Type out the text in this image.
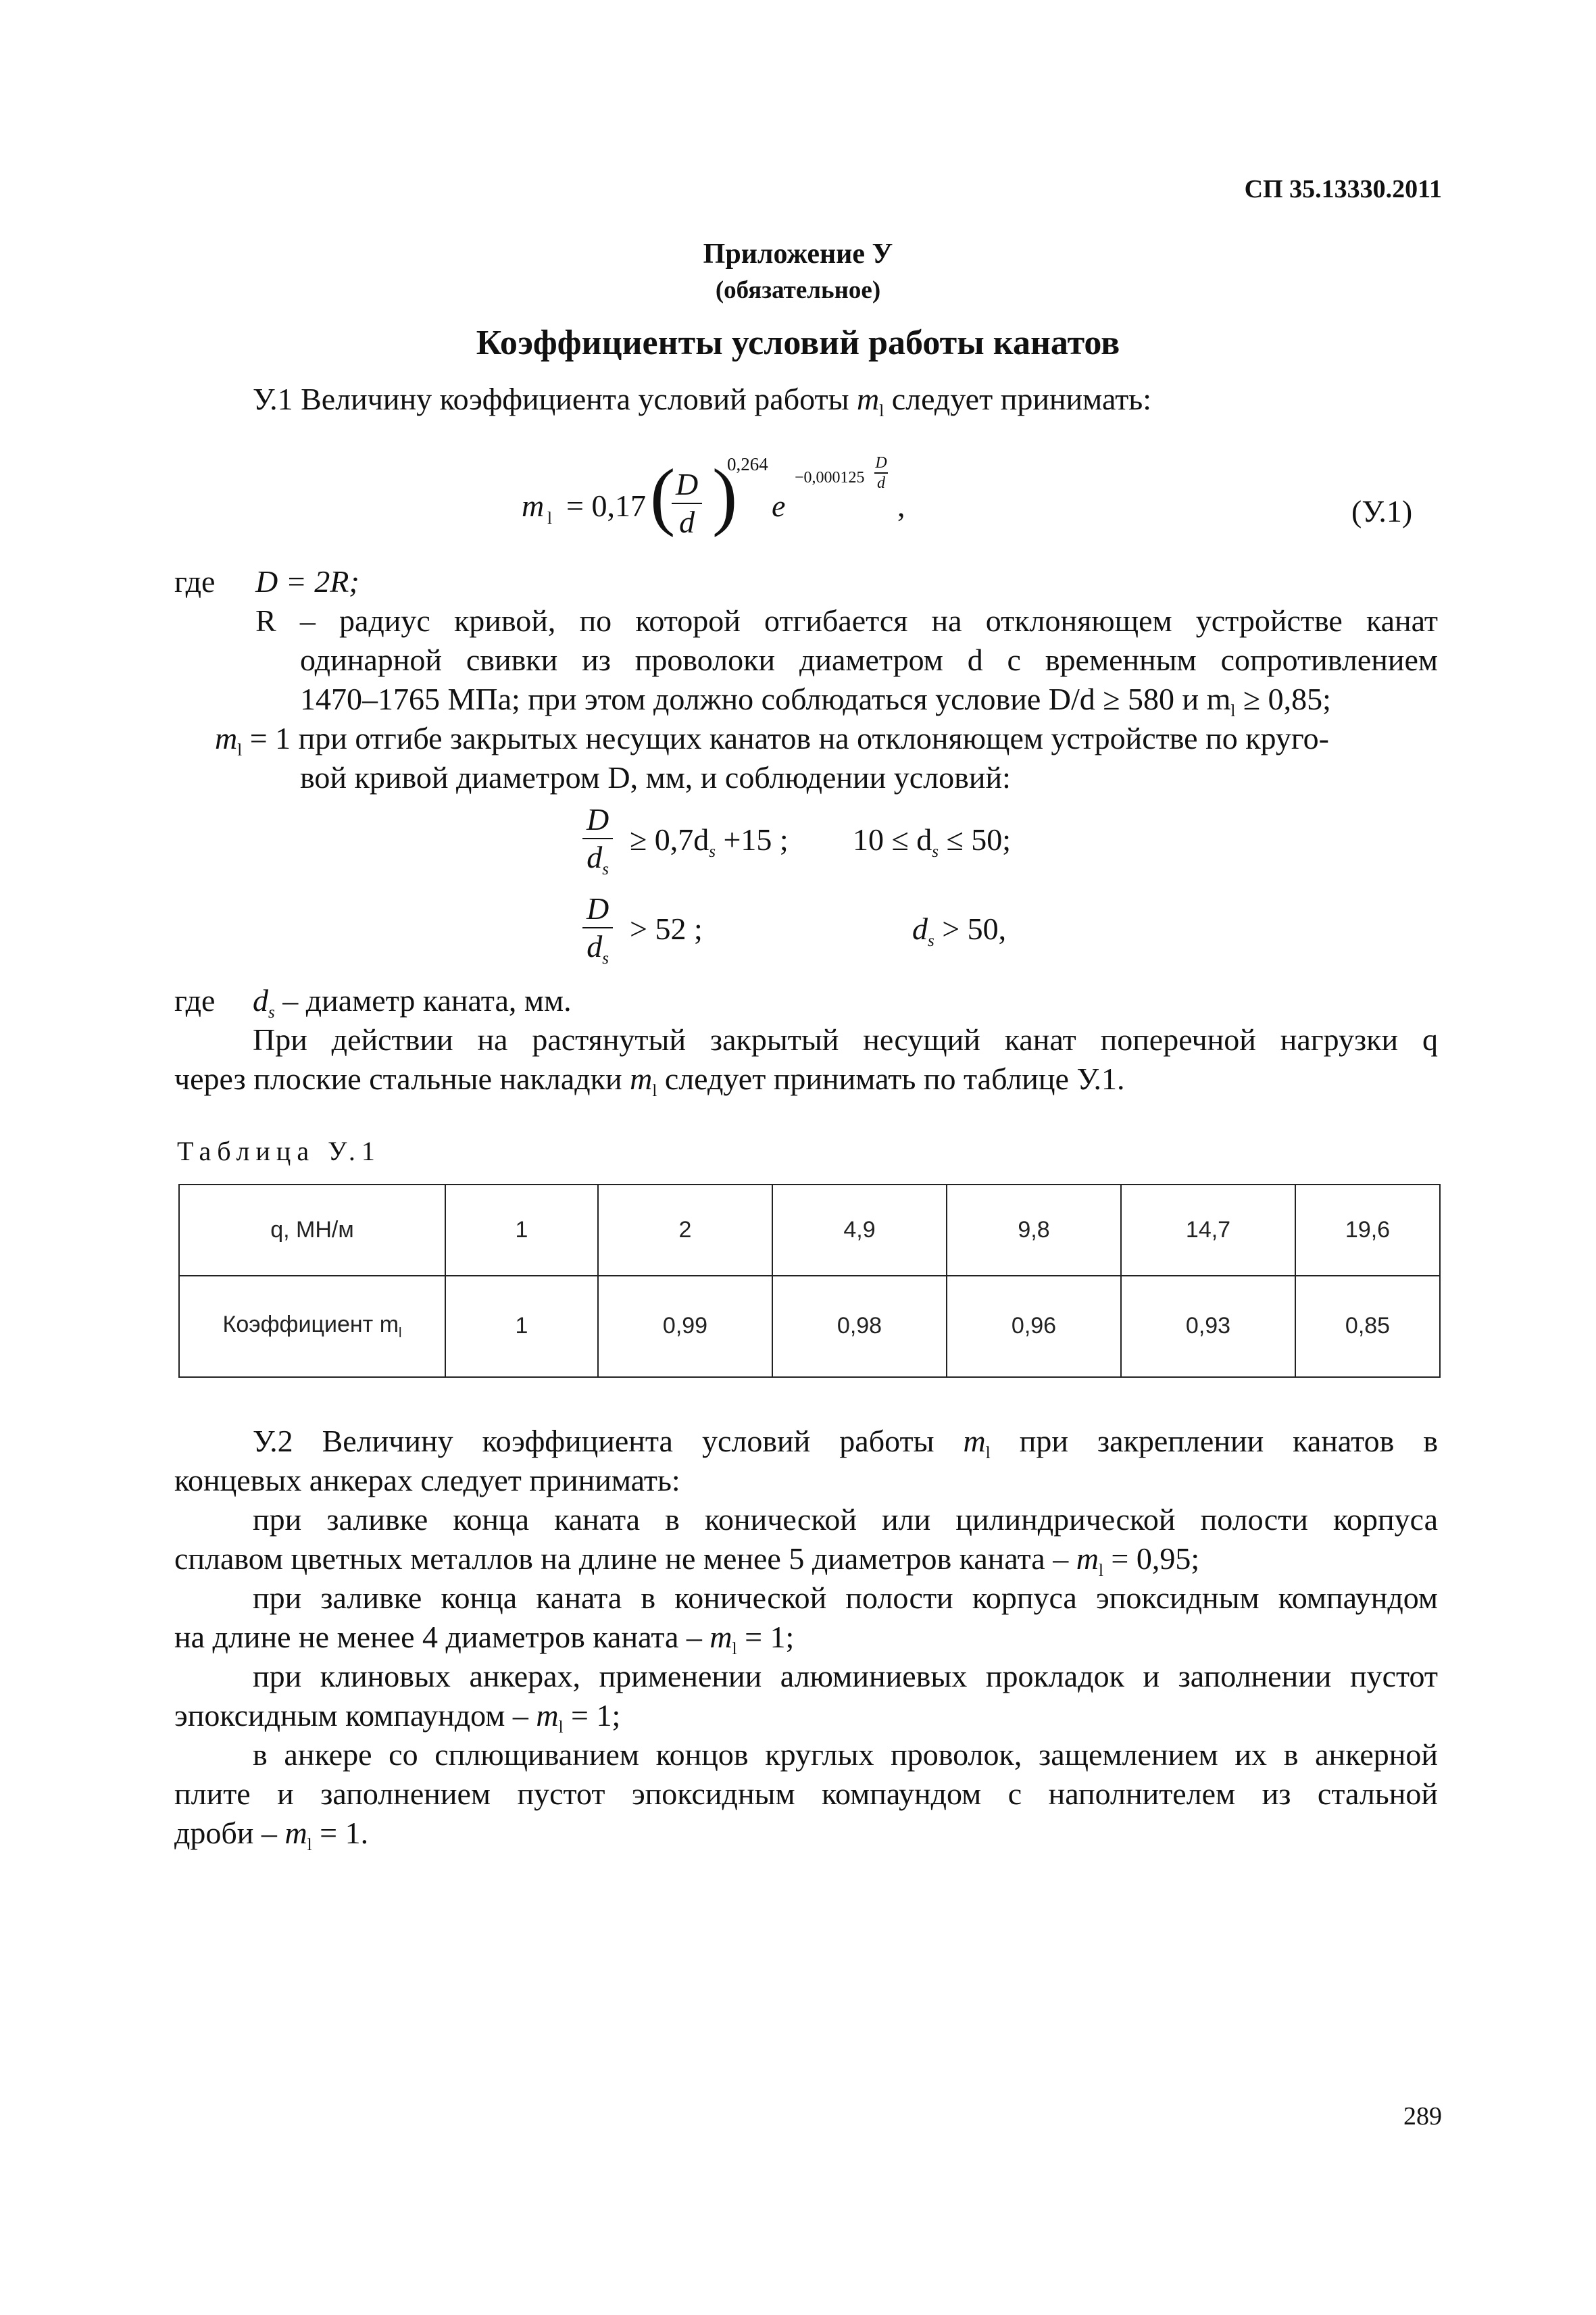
СП 35.13330.2011
Приложение У
(обязательное)
Коэффициенты условий работы канатов
У.1 Величину коэффициента условий работы $m_l$ следует принимать:
m l = 0,17 (
$\frac{D}{d}$ )
0,264
e
−0,000125
D
d
,	(У.1)
где D = 2R;
R – радиус кривой, по которой отгибается на отклоняющем устройстве канат
одинарной свивки из проволоки диаметром d с временным сопротивлением
1470–1765 МПа; при этом должно соблюдаться условие D/d ≥ 580 и $m_l \ge 0,85$;
$m_l = 1$ при отгибе закрытых несущих канатов на отклоняющем устройстве по круго-
вой кривой диаметром D, мм, и соблюдении условий:
$\frac{D}{d_s} \ge 0,7d_s +15$ ; $10 \le d_s \le 50$;
$\frac{D}{d_s} > 52$ ;	$d_s > 50$,
где $d_s$ – диаметр каната, мм.
При действии на растянутый закрытый несущий канат поперечной нагрузки q
через плоские стальные накладки $m_l$ следует принимать по таблице У.1.
Таблица У.1
q, МН/м	1	2	4,9	9,8	14,7	19,6
Коэффициент $m_l$	1	0,99	0,98	0,96	0,93	0,85
У.2 Величину коэффициента условий работы $m_l$ при закреплении канатов в
концевых анкерах следует принимать:
при заливке конца каната в конической или цилиндрической полости корпуса
сплавом цветных металлов на длине не менее 5 диаметров каната – $m_l = 0,95$;
при заливке конца каната в конической полости корпуса эпоксидным компаундом
на длине не менее 4 диаметров каната – $m_l = 1$;
при клиновых анкерах, применении алюминиевых прокладок и заполнении пустот
эпоксидным компаундом – $m_l = 1$;
в анкере со сплющиванием концов круглых проволок, защемлением их в анкерной
плите и заполнением пустот эпоксидным компаундом с наполнителем из стальной
дроби – $m_l = 1$.
289
